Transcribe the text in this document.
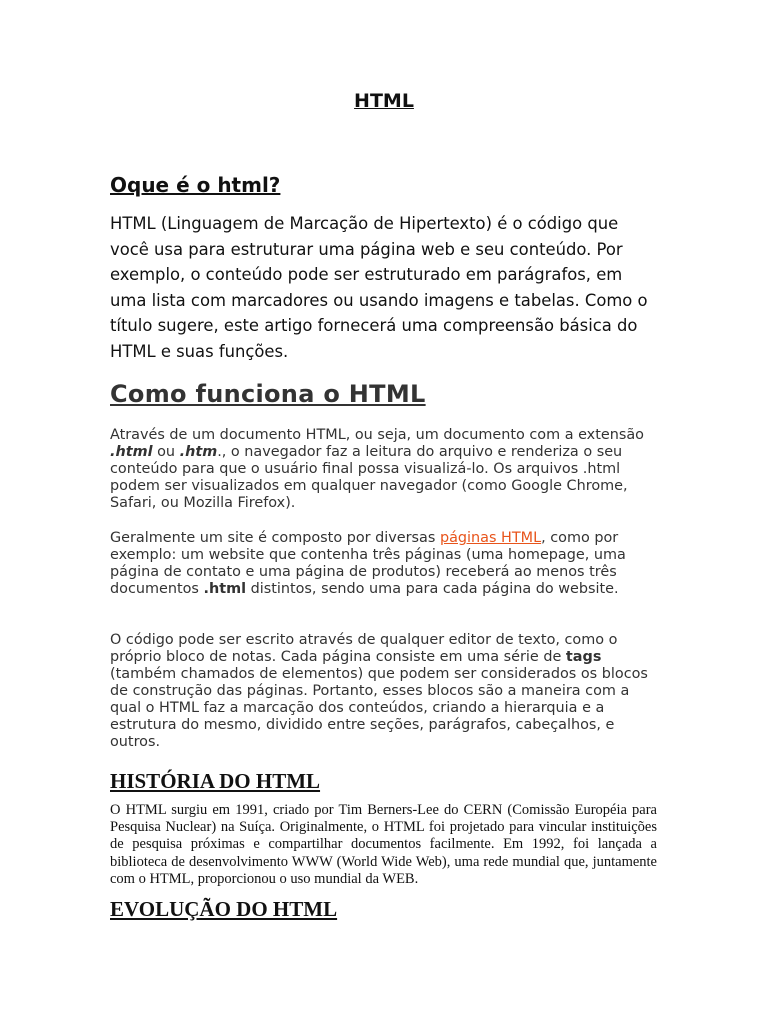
HTML
Oque é o html?

HTML (Linguagem de Marcação de Hipertexto) é o código que você usa para estruturar uma página web e seu conteúdo. Por exemplo, o conteúdo pode ser estruturado em parágrafos, em uma lista com marcadores ou usando imagens e tabelas. Como o título sugere, este artigo fornecerá uma compreensão básica do HTML e suas funções.

Como funciona o HTML

Através de um documento HTML, ou seja, um documento com a extensão .html ou .htm., o navegador faz a leitura do arquivo e renderiza o seu conteúdo para que o usuário final possa visualizá-lo. Os arquivos .html podem ser visualizados em qualquer navegador (como Google Chrome, Safari, ou Mozilla Firefox).

Geralmente um site é composto por diversas páginas HTML, como por exemplo: um website que contenha três páginas (uma homepage, uma página de contato e uma página de produtos) receberá ao menos três documentos .html distintos, sendo uma para cada página do website.

O código pode ser escrito através de qualquer editor de texto, como o próprio bloco de notas. Cada página consiste em uma série de tags (também chamados de elementos) que podem ser considerados os blocos de construção das páginas. Portanto, esses blocos são a maneira com a qual o HTML faz a marcação dos conteúdos, criando a hierarquia e a estrutura do mesmo, dividido entre seções, parágrafos, cabeçalhos, e outros.

HISTÓRIA DO HTML

O HTML surgiu em 1991, criado por Tim Berners-Lee do CERN (Comissão Européia para Pesquisa Nuclear) na Suíça. Originalmente, o HTML foi projetado para vincular instituições de pesquisa próximas e compartilhar documentos facilmente. Em 1992, foi lançada a biblioteca de desenvolvimento WWW (World Wide Web), uma rede mundial que, juntamente com o HTML, proporcionou o uso mundial da WEB.

EVOLUÇÃO DO HTML
